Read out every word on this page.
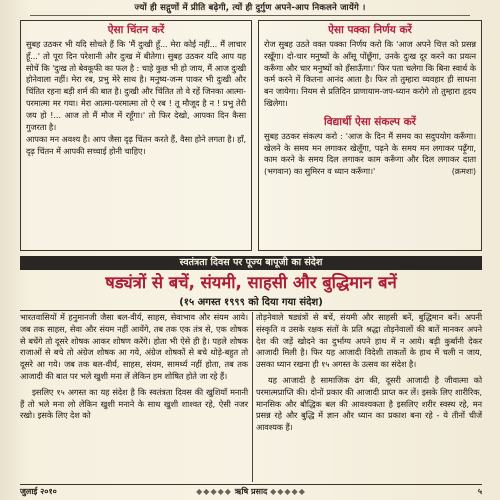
ज्यों ही सद्गुणों में प्रीति बढ़ेगी, त्यों ही दुर्गुण अपने-आप निकलने जायेंगे ।
ऐसा चिंतन करें

सुबह उठकर भी यदि सोचते हैं कि 'मैं दुःखी हूँ... मेरा कोई नहीं... मैं लाचार हूँ...' तो पूरा दिन परेशानी और दुःख में बीतेगा। सुबह उठकर यदि आप यह सोचें कि 'दुःख तो बेवकूफी का फल है : चाहे कुछ भी हो जाय, मैं आज दुःखी होनेवाला नहीं। मेरा रब, प्रभु मेरे साथ है। मनुष्य-जन्म पाकर भी दुःखी और चिंतित रहना बड़ी शर्म की बात है। दुःखी और चिंतित तो वे रहें जिनका आत्मा-परमात्मा मर गया। मेरा आत्मा-परमात्मा तो ऐ रब ! तू मौजूद है न ! प्रभु तेरी जय हो !... आज तो मैं मौज में रहूँगा।' तो फिर देखो, आपका दिन कैसा गुजरता है।

आपका मन अवश्य है। आप जैसा दृढ़ चिंतन करते हैं, वैसा होने लगता है। हाँ, दृढ़ चिंतन में आपकी सच्चाई होनी चाहिए।

ऐसा पक्का निर्णय करें

रोज सुबह उठते वक्त पक्का निर्णय करो कि 'आज अपने चित्त को प्रसन्न रखूँगा। दो-चार मनुष्यों के आँसू पोंछूँगा, उनके दुःख दूर करने का प्रयत्न करूँगा और चार मनुष्यों को हँसाऊँगा।' फिर पता चलेगा कि बिना स्वार्थ के कर्म करने में कितना आनंद आता है। फिर तो तुम्हारा व्यवहार ही साधना बन जायेगा। नियम से प्रतिदिन प्राणायाम-जप-ध्यान करोगे तो तुम्हारा हृदय खिलेगा।

विद्यार्थी ऐसा संकल्प करें

सुबह उठकर संकल्प करो : 'आज के दिन मैं समय का सदुपयोग करूँगा। खेलने के समय मन लगाकर खेलूँगा, पढ़ने के समय मन लगाकर पढ़ूँगा, काम करने के समय दिल लगाकर काम करूँगा और दिल लगाकर दाता (भगवान) का सुमिरन व ध्यान करूँगा।'	(क्रमशः)

स्वतंत्रता दिवस पर पूज्य बापूजी का संदेश
षड्यंत्रों से बचें, संयमी, साहसी और बुद्धिमान बनें
(१५ अगस्त १९९९ को दिया गया संदेश)

भारतवासियों में हनुमानजी जैसा बल-वीर्य, साहस, सेवाभाव और संयम आये। जब तक साहस, सेवा और संयम नहीं आयेंगे, तब तक एक तंत्र से, एक शोषक से बचेंगे तो दूसरे शोषक आकर शोषण करेंगे। होता भी ऐसे ही है। पहले शोषक राजाओं से बचे तो अंग्रेज शोषक आ गये, अंग्रेज शोषकों से बचे थोड़े-बहुत तो दूसरे आ गये। जब तक बल-वीर्य, साहस, संयम, सामर्थ्य नहीं होता, तब तक आजादी की बात पर भले खुशी मना लें लेकिन हम शोषित होते जा रहे हैं।

इसलिए १५ अगस्त का यह संदेश है कि स्वतंत्रता दिवस की खुशियाँ मनानी हैं तो भले मना लो लेकिन खुशी मनाने के साथ खुशी शाश्वत रहे, ऐसी नजर रखो। इसके लिए देश को

तोड़नेवाले षड्यंत्रों से बचें, संयमी और साहसी बनें, बुद्धिमान बनें। अपनी संस्कृति व उसके रक्षक संतों के प्रति श्रद्धा तोड़नेवालों की बातें मानकर अपने देश की जड़ें खोदने का दुर्भाग्य अपने हाथ में न आये। बड़ी कुर्बानी देकर आजादी मिली है। फिर यह आजादी विदेशी ताकतों के हाथ में चली न जाय, उसका ध्यान रखना ही १५ अगस्त के उत्सव का संदेश है।

यह आजादी है सामाजिक ढंग की, दूसरी आजादी है जीवात्मा को परमात्मप्राप्ति की। दोनों प्रकार की आजादी प्राप्त कर लें। इसके लिए शारीरिक, मानसिक और बौद्धिक बल की आवश्यकता है इसलिए शरीर स्वस्थ रहे, मन प्रसन्न रहे और बुद्धि में ज्ञान और ध्यान का प्रकाश बना रहे - ये तीनों चीजें आवश्यक हैं।

जुलाई २०१०	◆◆◆◆◆ ऋषि प्रसाद ◆◆◆◆◆	५
